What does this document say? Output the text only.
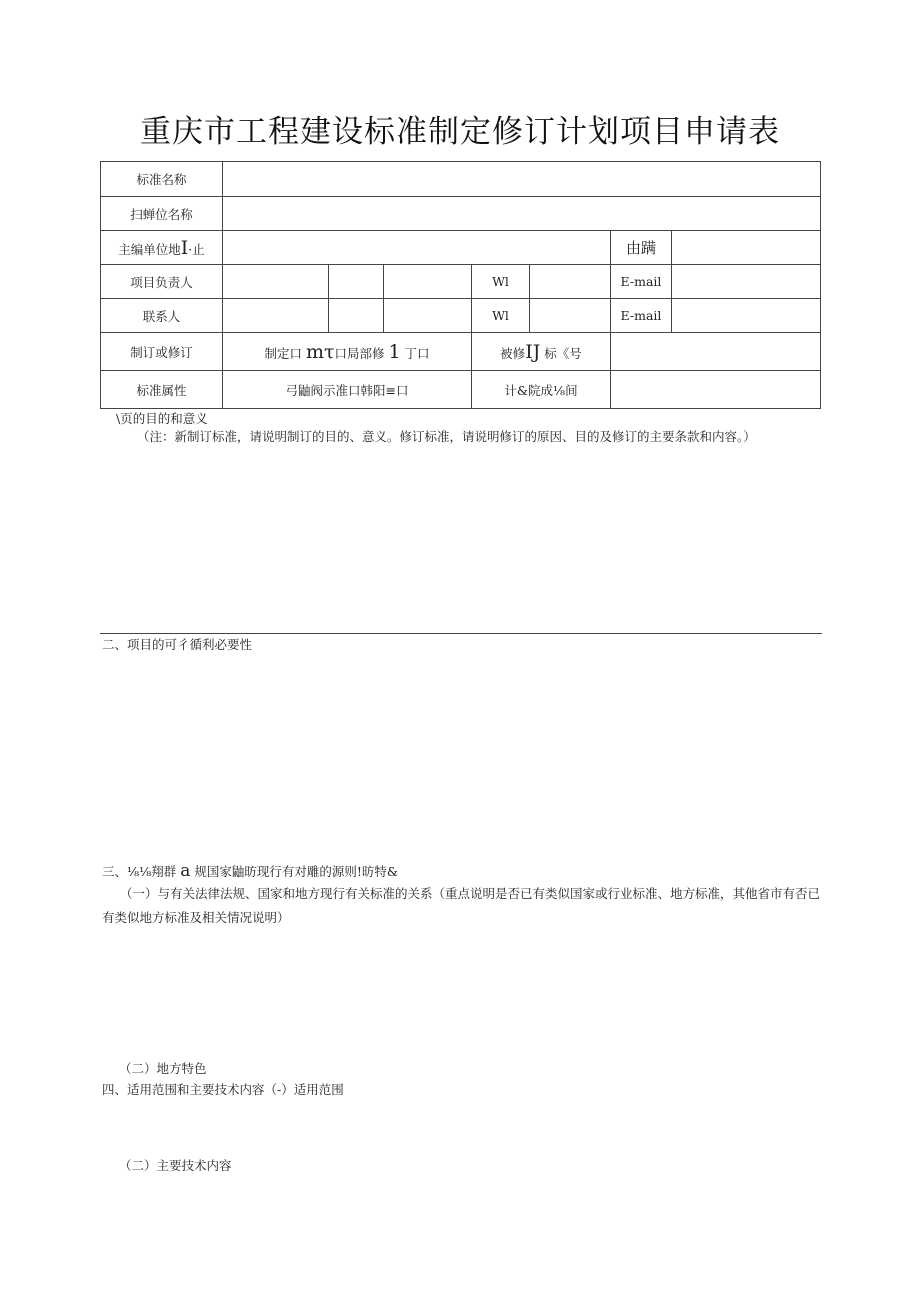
重庆市工程建设标准制定修订计划项目申请表
标准名称							
扫蝉位名称							
主编单位地I·止						由蹒	
项目负责人				Wl		E-mail	
联系人				Wl		E-mail	
制订或修订	制定口 mτ口局部修 1 丁口			被修IJ 标《号			
标准属性	弓鼬阀示准口韩阳≡口			计&院成⅛间			
\页的目的和意义
（注：新制订标准，请说明制订的目的、意义。修订标准，请说明修订的原因、目的及修订的主要条款和内容。）
二、项目的可彳循利必要性
三、⅛⅛翔群 a 规国家鼬昉现行有对雕的源则!昉特&
（一）与有关法律法规、国家和地方现行有关标准的关系（重点说明是否已有类似国家或行业标准、地方标准，其他省市有否已有类似地方标准及相关情况说明）
（二）地方特色
四、适用范围和主要技术内容（-）适用范围
（二）主要技术内容
